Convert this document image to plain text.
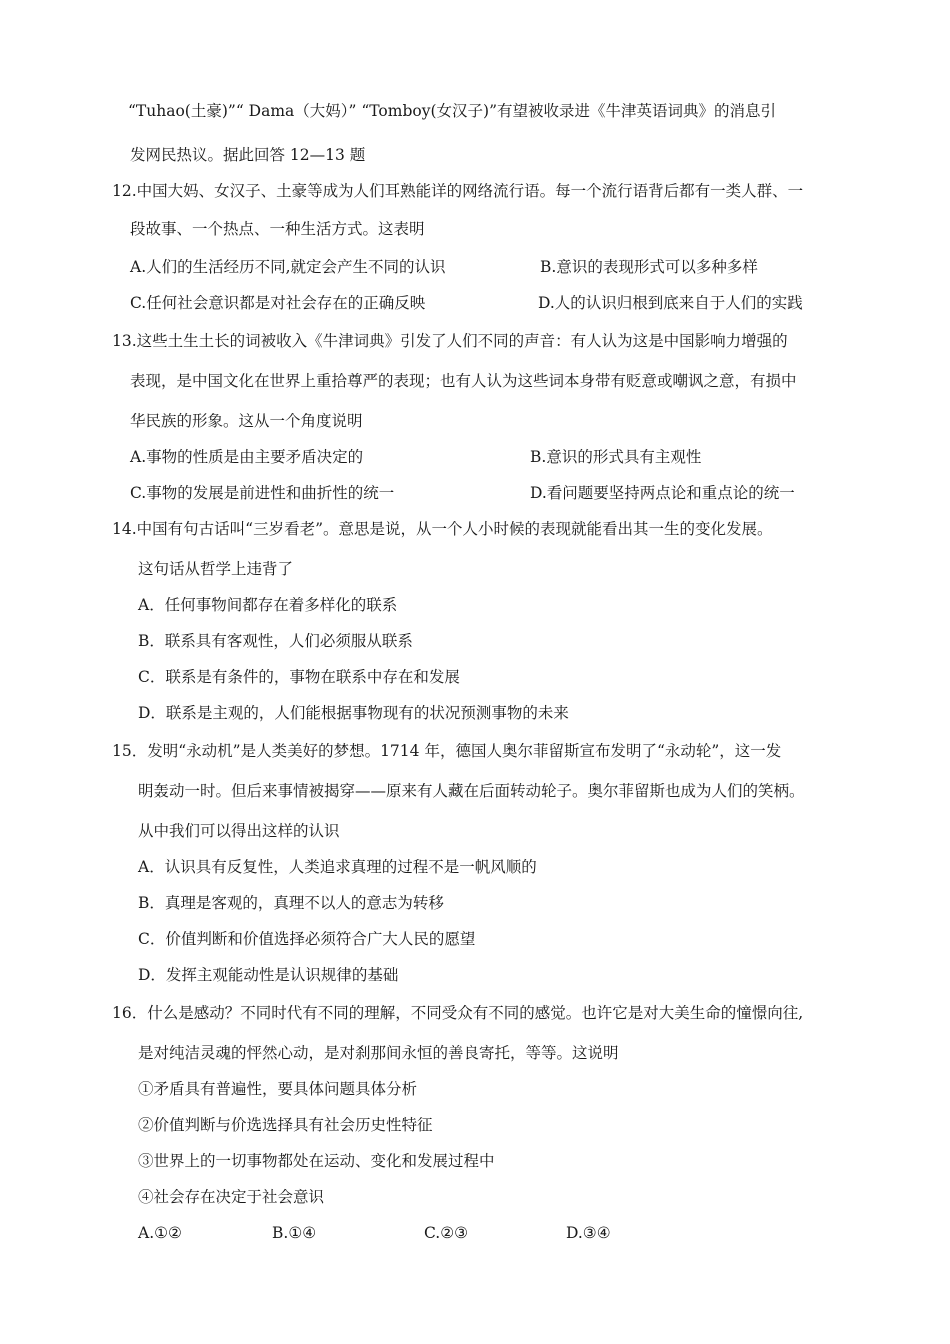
“Tuhao(土豪)”“ Dama（大妈）” “Tomboy(女汉子)”有望被收录进《牛津英语词典》的消息引
发网民热议。据此回答 12—13 题
12.中国大妈、女汉子、土豪等成为人们耳熟能详的网络流行语。每一个流行语背后都有一类人群、一
段故事、一个热点、一种生活方式。这表明
A.人们的生活经历不同,就定会产生不同的认识	B.意识的表现形式可以多种多样
C.任何社会意识都是对社会存在的正确反映	D.人的认识归根到底来自于人们的实践
13.这些土生土长的词被收入《牛津词典》引发了人们不同的声音：有人认为这是中国影响力增强的
表现，是中国文化在世界上重拾尊严的表现；也有人认为这些词本身带有贬意或嘲讽之意，有损中
华民族的形象。这从一个角度说明
A.事物的性质是由主要矛盾决定的	B.意识的形式具有主观性
C.事物的发展是前进性和曲折性的统一	D.看问题要坚持两点论和重点论的统一
14.中国有句古话叫“三岁看老”。意思是说，从一个人小时候的表现就能看出其一生的变化发展。
这句话从哲学上违背了
A．任何事物间都存在着多样化的联系
B．联系具有客观性，人们必须服从联系
C．联系是有条件的，事物在联系中存在和发展
D．联系是主观的，人们能根据事物现有的状况预测事物的未来
15．发明“永动机”是人类美好的梦想。1714 年，德国人奥尔菲留斯宣布发明了“永动轮”，这一发
明轰动一时。但后来事情被揭穿——原来有人藏在后面转动轮子。奥尔菲留斯也成为人们的笑柄。
从中我们可以得出这样的认识
A．认识具有反复性，人类追求真理的过程不是一帆风顺的
B．真理是客观的，真理不以人的意志为转移
C．价值判断和价值选择必须符合广大人民的愿望
D．发挥主观能动性是认识规律的基础
16．什么是感动？不同时代有不同的理解，不同受众有不同的感觉。也许它是对大美生命的憧憬向往,
是对纯洁灵魂的怦然心动，是对刹那间永恒的善良寄托，等等。这说明
①矛盾具有普遍性，要具体问题具体分析
②价值判断与价选选择具有社会历史性特征
③世界上的一切事物都处在运动、变化和发展过程中
④社会存在决定于社会意识
A.①②	B.①④	C.②③	D.③④
